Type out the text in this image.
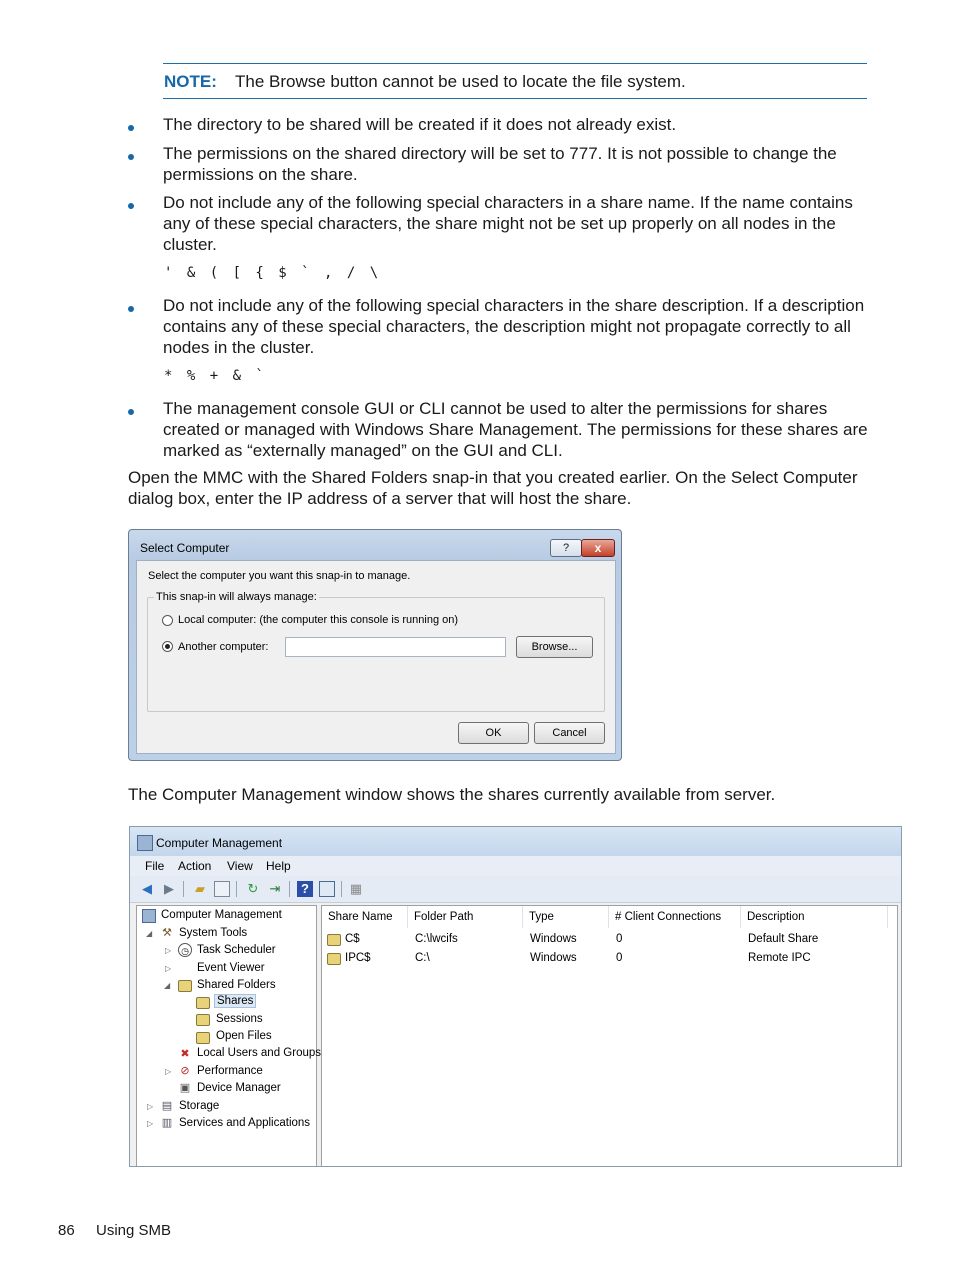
NOTE: The Browse button cannot be used to locate the file system.
The directory to be shared will be created if it does not already exist.
The permissions on the shared directory will be set to 777. It is not possible to change the permissions on the share.
Do not include any of the following special characters in a share name. If the name contains any of these special characters, the share might not be set up properly on all nodes in the cluster.
' & ( [ { $ ` , / \
Do not include any of the following special characters in the share description. If a description contains any of these special characters, the description might not propagate correctly to all nodes in the cluster.
* % + & `
The management console GUI or CLI cannot be used to alter the permissions for shares created or managed with Windows Share Management. The permissions for these shares are marked as “externally managed” on the GUI and CLI.
Open the MMC with the Shared Folders snap-in that you created earlier. On the Select Computer dialog box, enter the IP address of a server that will host the share.
Select Computer	?	x
Select the computer you want this snap-in to manage.
This snap-in will always manage:
Local computer: (the computer this console is running on)
Another computer:	Browse...
OK	Cancel
The Computer Management window shows the shares currently available from server.
Computer Management
File Action View Help
◀ ▶ ▰	↻ ⇥	?	▦
Computer Management
◢ ⚒ System Tools
▷	◷ Task Scheduler
▷ Event Viewer
◢ Shared Folders
Shares
Sessions
Open Files
✖ Local Users and Groups
▷ ⊘ Performance
▣ Device Manager
▷ ▤ Storage
▷ ▥ Services and Applications
Share Name	Folder Path	Type	# Client Connections	Description
C$	C:\lwcifs	Windows	0	Default Share
IPC$	C:\	Windows	0	Remote IPC
86 Using SMB
